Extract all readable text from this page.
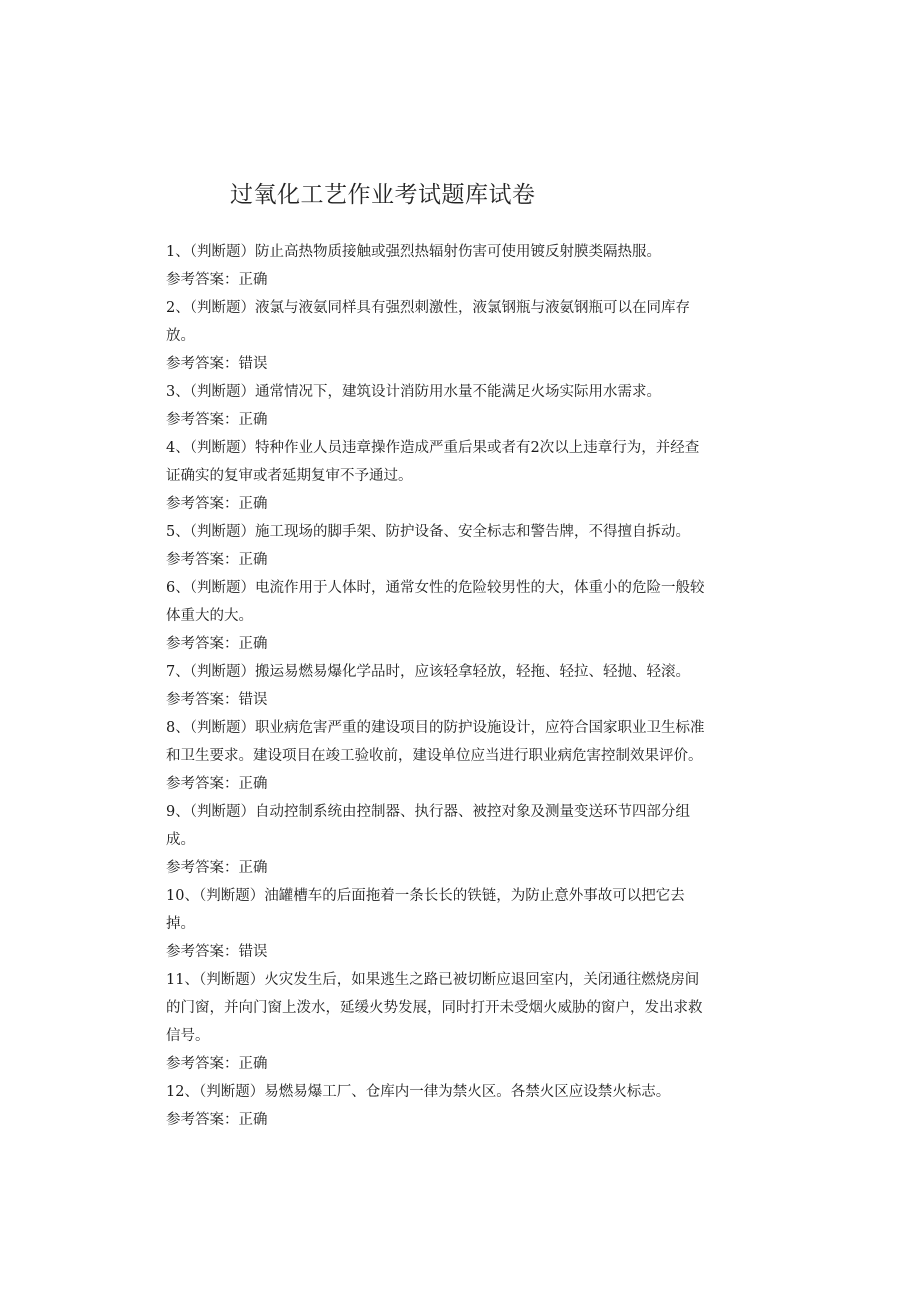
过氧化工艺作业考试题库试卷
1、（判断题）防止高热物质接触或强烈热辐射伤害可使用镀反射膜类隔热服。
参考答案：正确
2、（判断题）液氯与液氨同样具有强烈刺激性，液氯钢瓶与液氨钢瓶可以在同库存
放。
参考答案：错误
3、（判断题）通常情况下，建筑设计消防用水量不能满足火场实际用水需求。
参考答案：正确
4、（判断题）特种作业人员违章操作造成严重后果或者有2次以上违章行为，并经查
证确实的复审或者延期复审不予通过。
参考答案：正确
5、（判断题）施工现场的脚手架、防护设备、安全标志和警告牌，不得擅自拆动。
参考答案：正确
6、（判断题）电流作用于人体时，通常女性的危险较男性的大，体重小的危险一般较
体重大的大。
参考答案：正确
7、（判断题）搬运易燃易爆化学品时，应该轻拿轻放，轻拖、轻拉、轻抛、轻滚。
参考答案：错误
8、（判断题）职业病危害严重的建设项目的防护设施设计，应符合国家职业卫生标准
和卫生要求。建设项目在竣工验收前，建设单位应当进行职业病危害控制效果评价。
参考答案：正确
9、（判断题）自动控制系统由控制器、执行器、被控对象及测量变送环节四部分组
成。
参考答案：正确
10、（判断题）油罐槽车的后面拖着一条长长的铁链，为防止意外事故可以把它去
掉。
参考答案：错误
11、（判断题）火灾发生后，如果逃生之路已被切断应退回室内，关闭通往燃烧房间
的门窗，并向门窗上泼水，延缓火势发展，同时打开未受烟火威胁的窗户，发出求救
信号。
参考答案：正确
12、（判断题）易燃易爆工厂、仓库内一律为禁火区。各禁火区应设禁火标志。
参考答案：正确
